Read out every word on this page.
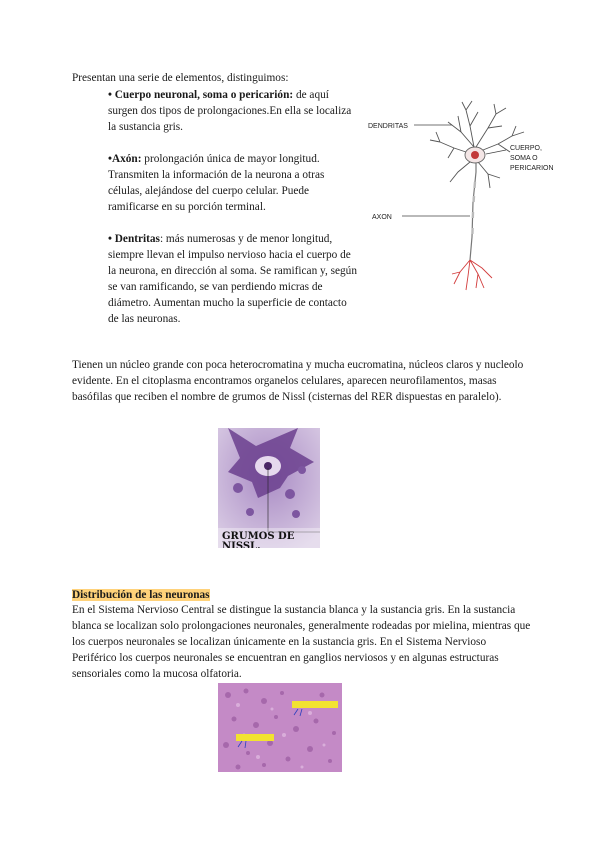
Presentan una serie de elementos, distinguimos:

• Cuerpo neuronal, soma o pericarión: de aquí surgen dos tipos de prolongaciones.En ella se localiza la sustancia gris.

•Axón: prolongación única de mayor longitud. Transmiten la información de la neurona a otras células, alejándose del cuerpo celular. Puede ramificarse en su porción terminal.

• Dentritas: más numerosas y de menor longitud, siempre llevan el impulso nervioso hacia el cuerpo de la neurona, en dirección al soma. Se ramifican y, según se van ramificando, se van perdiendo micras de diámetro. Aumentan mucho la superficie de contacto de las neuronas.

DENDRITAS
CUERPO,
SOMA O
PERICARION
AXON

Tienen un núcleo grande con poca heterocromatina y mucha eucromatina, núcleos claros y nucleolo evidente. En el citoplasma encontramos organelos celulares, aparecen neurofilamentos, masas basófilas que reciben el nombre de grumos de Nissl (cisternas del RER dispuestas en paralelo).

GRUMOS DE
NISSL.
Distribución de las neuronas

En el Sistema Nervioso Central se distingue la sustancia blanca y la sustancia gris. En la sustancia blanca se localizan solo prolongaciones neuronales, generalmente rodeadas por mielina, mientras que los cuerpos neuronales se localizan únicamente en la sustancia gris. En el Sistema Nervioso Periférico los cuerpos neuronales se encuentran en ganglios nerviosos y en algunas estructuras sensoriales como la mucosa olfatoria.
